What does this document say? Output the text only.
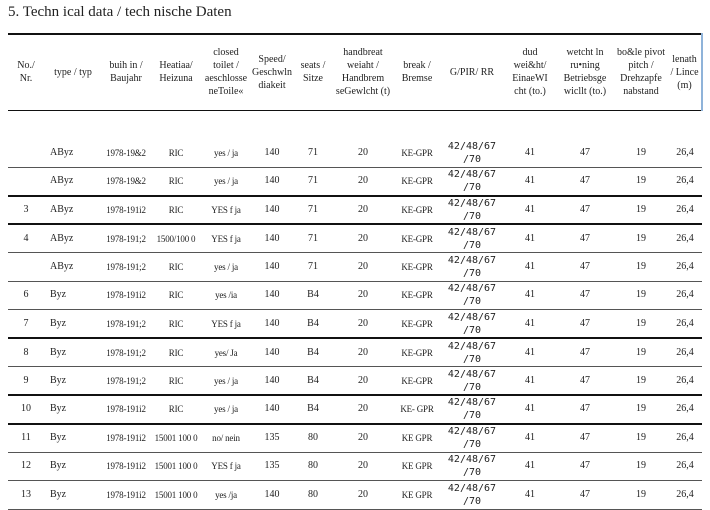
5. Techn ical data / tech nische Daten
No./ Nr.	type / typ	buih in / Baujahr	Heatiaa/ Heizuna	closed toilet / aeschlosse neToile«	Speed/ Geschwln diakeit	seats / Sitze	handbreat weiaht / Handbrem seGewlcht (t)	break / Bremse	G/PIR/ RR	dud wei&ht/ EinaeWI cht (to.)	wetcht ln ru•ning Betriebsge wicllt (to.)	bo&le pivot pitch / Drehzapfe nabstand	lenath / Lince (m)

	AByz	1978-19&2	RIC	yes / ja	140	71	20	KE-GPR	42/48/67 /70	41	47	19	26,4
	AByz	1978-19&2	RIC	yes / ja	140	71	20	KE-GPR	42/48/67 /70	41	47	19	26,4
3	AByz	1978-191i2	RIC	YES f ja	140	71	20	KE-GPR	42/48/67 /70	41	47	19	26,4
4	AByz	1978-191;2	1500/100 0	YES f ja	140	71	20	KE-GPR	42/48/67 /70	41	47	19	26,4
	AByz	1978-191;2	RIC	yes / ja	140	71	20	KE-GPR	42/48/67 /70	41	47	19	26,4
6	Byz	1978-191i2	RIC	yes /ia	140	B4	20	KE-GPR	42/48/67 /70	41	47	19	26,4
7	Byz	1978-191;2	RIC	YES f ja	140	B4	20	KE-GPR	42/48/67 /70	41	47	19	26,4
8	Byz	1978-191;2	RIC	yes/ Ja	140	B4	20	KE-GPR	42/48/67 /70	41	47	19	26,4
9	Byz	1978-191;2	RIC	yes / ja	140	B4	20	KE-GPR	42/48/67 /70	41	47	19	26,4
10	Byz	1978-191i2	RIC	yes / ja	140	B4	20	KE- GPR	42/48/67 /70	41	47	19	26,4
11	Byz	1978-191i2	15001 100 0	no/ nein	135	80	20	KE GPR	42/48/67 /70	41	47	19	26,4
12	Byz	1978-191i2	15001 100 0	YES f ja	135	80	20	KE GPR	42/48/67 /70	41	47	19	26,4
13	Byz	1978-191i2	15001 100 0	yes /ja	140	80	20	KE GPR	42/48/67 /70	41	47	19	26,4
